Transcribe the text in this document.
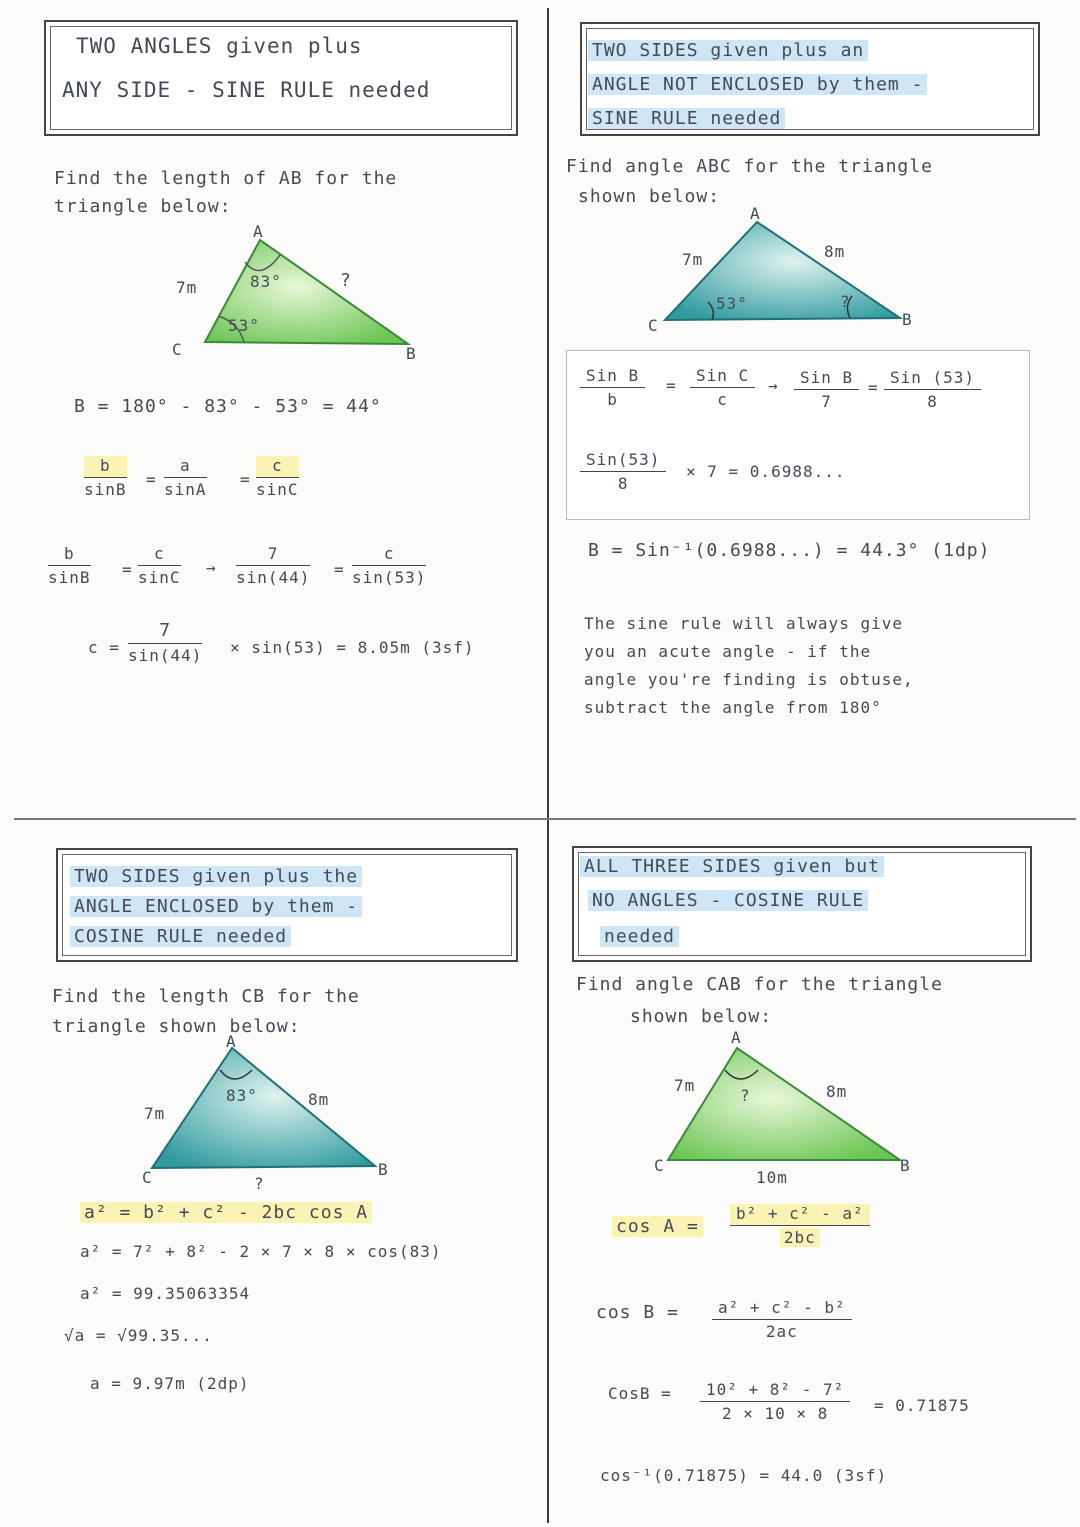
TWO ANGLES given plus
ANY SIDE - SINE RULE needed
Find the length of AB for the
triangle below:
A
B
C
7m	?
83°
53°
B = 180° - 83° - 53° = 44°
$\frac{b}{\sin B} = \frac{a}{\sin A} = \frac{c}{\sin C}$
$\frac{b}{\sin B} = \frac{c}{\sin C} \to \frac{7}{\sin(44)} = \frac{c}{\sin(53)}$
$c = \frac{7}{\sin(44)} \times \sin(53) = 8.05m$ (3sf)
TWO SIDES given plus an
ANGLE NOT ENCLOSED by them -
SINE RULE needed
Find angle ABC for the triangle
shown below:
A
B
C
7m	8m
53°	?
Sin B
b
=
Sin C
c
→	Sin B
7
=
Sin (53)
8
Sin(53)
8
× 7 = 0.6988...
B = Sin⁻¹(0.6988...) = 44.3° (1dp)
The sine rule will always give
you an acute angle - if the
angle you're finding is obtuse,
subtract the angle from 180°
TWO SIDES given plus the
ANGLE ENCLOSED by them -
COSINE RULE needed
Find the length CB for the
triangle shown below:
A
B
C
7m
8m
83°
?
a² = b² + c² - 2bc cos A
a² = 7² + 8² - 2 × 7 × 8 × cos(83)
a² = 99.35063354
√a = √99.35...
a = 9.97m (2dp)
ALL THREE SIDES given but
NO ANGLES - COSINE RULE
needed
Find angle CAB for the triangle
shown below:
A
B
C
7m	8m
?
10m
$\cos A = \frac{\text{b² + c² - a²}}{2bc}$
$\cos B = \frac{\text{a² + c² - b²}}{2ac}$
CosB = $\frac{\text{10² + 8² - 7²}}{2 \times 10 \times 8} = 0.71875$
cos⁻¹(0.71875) = 44.0 (3sf)
